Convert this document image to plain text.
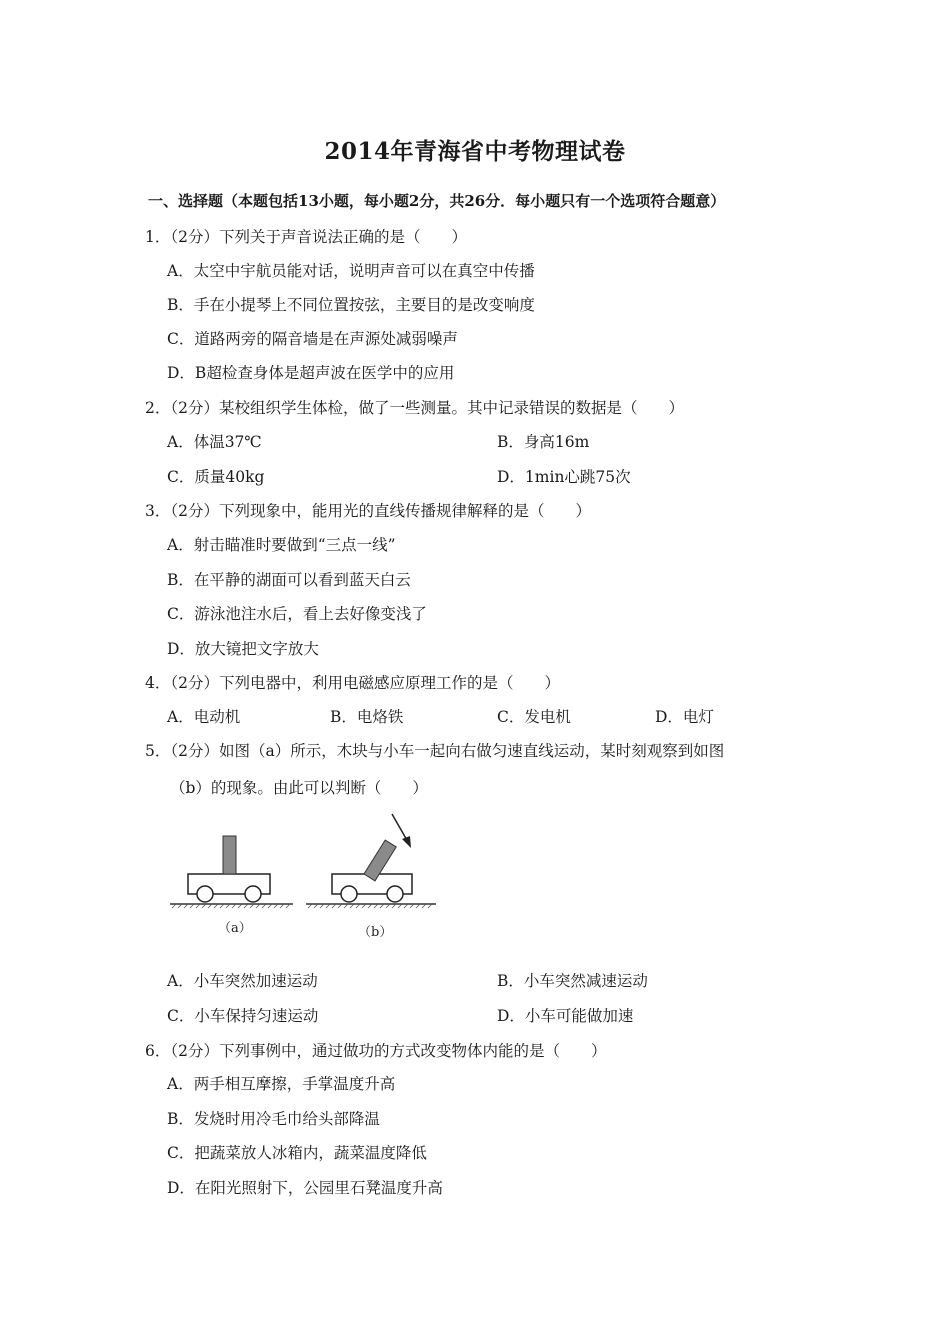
2014年青海省中考物理试卷
一、选择题（本题包括13小题，每小题2分，共26分．每小题只有一个选项符合题意）
1．（2分）下列关于声音说法正确的是（　　）
A．太空中宇航员能对话，说明声音可以在真空中传播
B．手在小提琴上不同位置按弦，主要目的是改变响度
C．道路两旁的隔音墙是在声源处减弱噪声
D．B超检查身体是超声波在医学中的应用
2．（2分）某校组织学生体检，做了一些测量。其中记录错误的数据是（　　）
A．体温37℃	B．身高16m
C．质量40kg	D．1min心跳75次
3．（2分）下列现象中，能用光的直线传播规律解释的是（　　）
A．射击瞄准时要做到“三点一线”
B．在平静的湖面可以看到蓝天白云
C．游泳池注水后，看上去好像变浅了
D．放大镜把文字放大
4．（2分）下列电器中，利用电磁感应原理工作的是（　　）
A．电动机	B．电烙铁	C．发电机	D．电灯
5．（2分）如图（a）所示，木块与小车一起向右做匀速直线运动，某时刻观察到如图
（b）的现象。由此可以判断（　　）
（a）	（b）
A．小车突然加速运动	B．小车突然减速运动
C．小车保持匀速运动	D．小车可能做加速
6．（2分）下列事例中，通过做功的方式改变物体内能的是（　　）
A．两手相互摩擦，手掌温度升高
B．发烧时用冷毛巾给头部降温
C．把蔬菜放人冰箱内，蔬菜温度降低
D．在阳光照射下，公园里石凳温度升高
